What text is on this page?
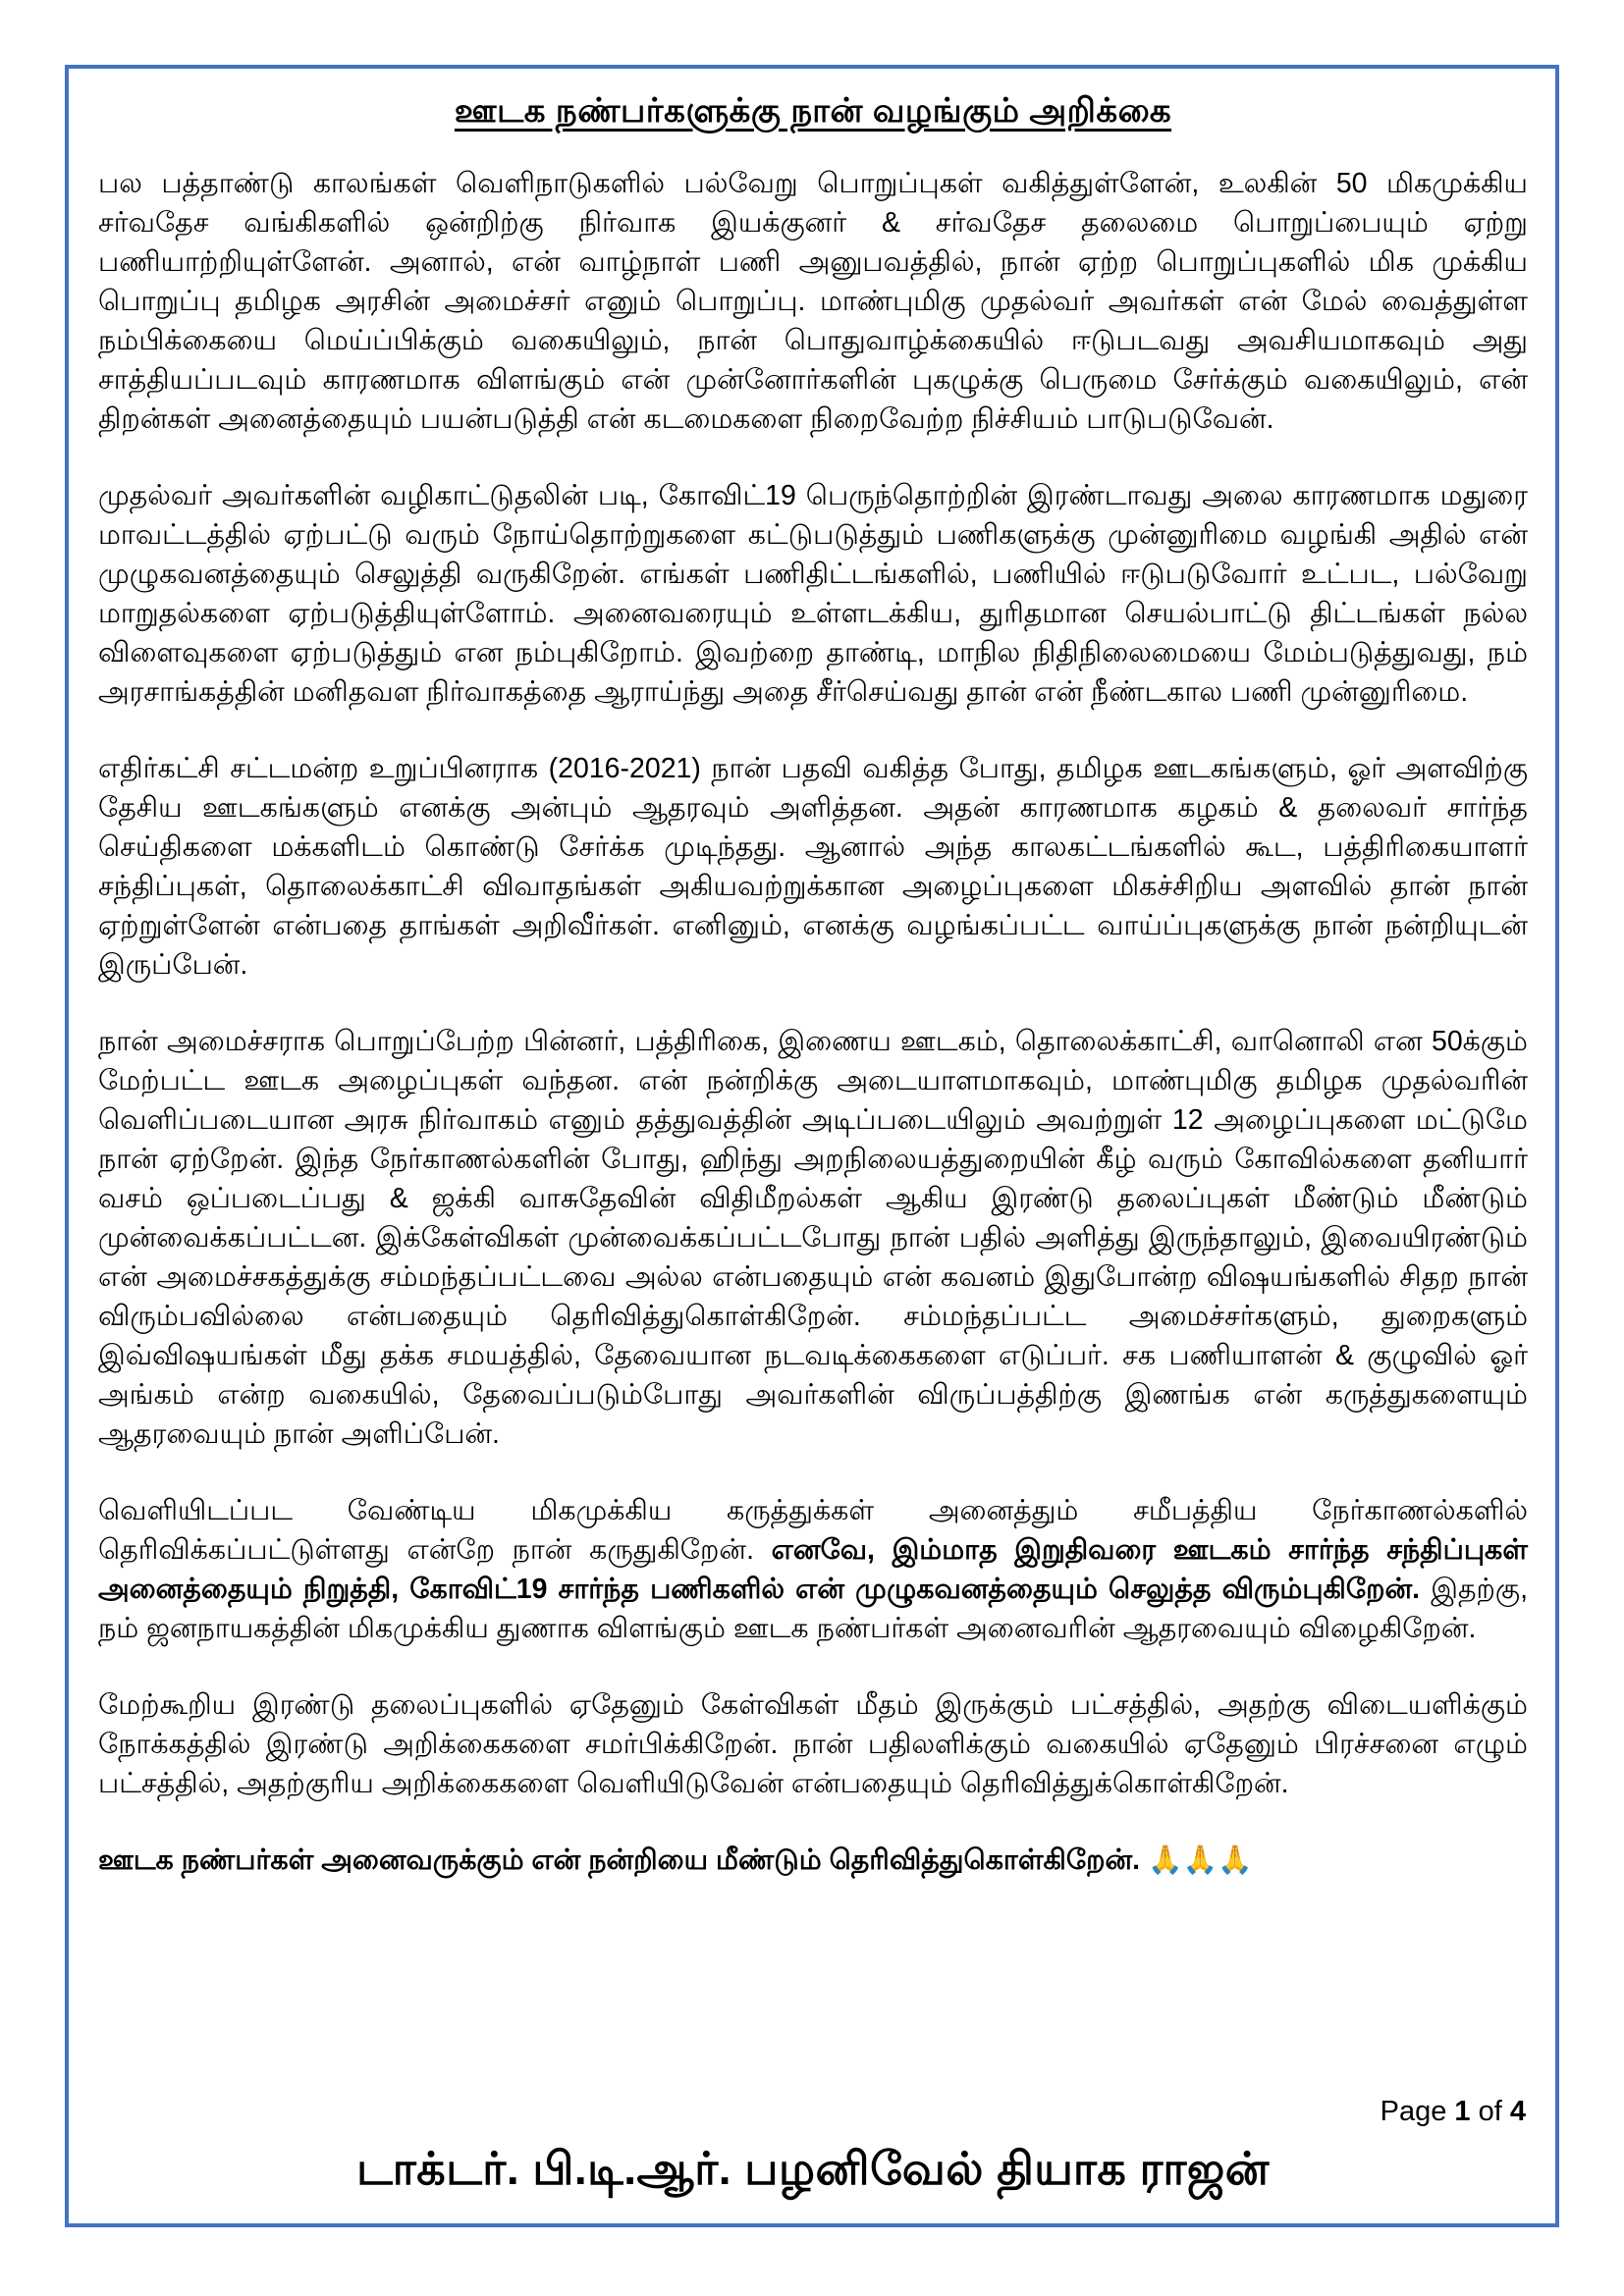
ஊடக நண்பர்களுக்கு நான் வழங்கும் அறிக்கை

பல பத்தாண்டு காலங்கள் வெளிநாடுகளில் பல்வேறு பொறுப்புகள் வகித்துள்ளேன், உலகின் 50 மிகமுக்கிய சர்வதேச வங்கிகளில் ஒன்றிற்கு நிர்வாக இயக்குனர் & சர்வதேச தலைமை பொறுப்பையும் ஏற்று பணியாற்றியுள்ளேன். அனால், என் வாழ்நாள் பணி அனுபவத்தில், நான் ஏற்ற பொறுப்புகளில் மிக முக்கிய பொறுப்பு தமிழக அரசின் அமைச்சர் எனும் பொறுப்பு. மாண்புமிகு முதல்வர் அவர்கள் என் மேல் வைத்துள்ள நம்பிக்கையை மெய்ப்பிக்கும் வகையிலும், நான் பொதுவாழ்க்கையில் ஈடுபடவது அவசியமாகவும் அது சாத்தியப்படவும் காரணமாக விளங்கும் என் முன்னோர்களின் புகழுக்கு பெருமை சேர்க்கும் வகையிலும், என் திறன்கள் அனைத்தையும் பயன்படுத்தி என் கடமைகளை நிறைவேற்ற நிச்சியம் பாடுபடுவேன்.

முதல்வர் அவர்களின் வழிகாட்டுதலின் படி, கோவிட்19 பெருந்தொற்றின் இரண்டாவது அலை காரணமாக மதுரை மாவட்டத்தில் ஏற்பட்டு வரும் நோய்தொற்றுகளை கட்டுபடுத்தும் பணிகளுக்கு முன்னுரிமை வழங்கி அதில் என் முழுகவனத்தையும் செலுத்தி வருகிறேன். எங்கள் பணிதிட்டங்களில், பணியில் ஈடுபடுவோர் உட்பட, பல்வேறு மாறுதல்களை ஏற்படுத்தியுள்ளோம். அனைவரையும் உள்ளடக்கிய, துரிதமான செயல்பாட்டு திட்டங்கள் நல்ல விளைவுகளை ஏற்படுத்தும் என நம்புகிறோம். இவற்றை தாண்டி, மாநில நிதிநிலைமையை மேம்படுத்துவது, நம் அரசாங்கத்தின் மனிதவள நிர்வாகத்தை ஆராய்ந்து அதை சீர்செய்வது தான் என் நீண்டகால பணி முன்னுரிமை.

எதிர்கட்சி சட்டமன்ற உறுப்பினராக (2016-2021) நான் பதவி வகித்த போது, தமிழக ஊடகங்களும், ஓர் அளவிற்கு தேசிய ஊடகங்களும் எனக்கு அன்பும் ஆதரவும் அளித்தன. அதன் காரணமாக கழகம் & தலைவர் சார்ந்த செய்திகளை மக்களிடம் கொண்டு சேர்க்க முடிந்தது. ஆனால் அந்த காலகட்டங்களில் கூட, பத்திரிகையாளர் சந்திப்புகள், தொலைக்காட்சி விவாதங்கள் அகியவற்றுக்கான அழைப்புகளை மிகச்சிறிய அளவில் தான் நான் ஏற்றுள்ளேன் என்பதை தாங்கள் அறிவீர்கள். எனினும், எனக்கு வழங்கப்பட்ட வாய்ப்புகளுக்கு நான் நன்றியுடன் இருப்பேன்.

நான் அமைச்சராக பொறுப்பேற்ற பின்னர், பத்திரிகை, இணைய ஊடகம், தொலைக்காட்சி, வானொலி என 50க்கும் மேற்பட்ட ஊடக அழைப்புகள் வந்தன. என் நன்றிக்கு அடையாளமாகவும், மாண்புமிகு தமிழக முதல்வரின் வெளிப்படையான அரசு நிர்வாகம் எனும் தத்துவத்தின் அடிப்படையிலும் அவற்றுள் 12 அழைப்புகளை மட்டுமே நான் ஏற்றேன். இந்த நேர்காணல்களின் போது, ஹிந்து அறநிலையத்துறையின் கீழ் வரும் கோவில்களை தனியார் வசம் ஒப்படைப்பது & ஜக்கி வாசுதேவின் விதிமீறல்கள் ஆகிய இரண்டு தலைப்புகள் மீண்டும் மீண்டும் முன்வைக்கப்பட்டன. இக்கேள்விகள் முன்வைக்கப்பட்டபோது நான் பதில் அளித்து இருந்தாலும், இவையிரண்டும் என் அமைச்சகத்துக்கு சம்மந்தப்பட்டவை அல்ல என்பதையும் என் கவனம் இதுபோன்ற விஷயங்களில் சிதற நான் விரும்பவில்லை என்பதையும் தெரிவித்துகொள்கிறேன். சம்மந்தப்பட்ட அமைச்சர்களும், துறைகளும் இவ்விஷயங்கள் மீது தக்க சமயத்தில், தேவையான நடவடிக்கைகளை எடுப்பர். சக பணியாளன் & குழுவில் ஓர் அங்கம் என்ற வகையில், தேவைப்படும்போது அவர்களின் விருப்பத்திற்கு இணங்க என் கருத்துகளையும் ஆதரவையும் நான் அளிப்பேன்.

வெளியிடப்பட வேண்டிய மிகமுக்கிய கருத்துக்கள் அனைத்தும் சமீபத்திய நேர்காணல்களில் தெரிவிக்கப்பட்டுள்ளது என்றே நான் கருதுகிறேன். எனவே, இம்மாத இறுதிவரை ஊடகம் சார்ந்த சந்திப்புகள் அனைத்தையும் நிறுத்தி, கோவிட்19 சார்ந்த பணிகளில் என் முழுகவனத்தையும் செலுத்த விரும்புகிறேன். இதற்கு, நம் ஜனநாயகத்தின் மிகமுக்கிய துணாக விளங்கும் ஊடக நண்பர்கள் அனைவரின் ஆதரவையும் விழைகிறேன்.

மேற்கூறிய இரண்டு தலைப்புகளில் ஏதேனும் கேள்விகள் மீதம் இருக்கும் பட்சத்தில், அதற்கு விடையளிக்கும் நோக்கத்தில் இரண்டு அறிக்கைகளை சமர்பிக்கிறேன். நான் பதிலளிக்கும் வகையில் ஏதேனும் பிரச்சனை எழும் பட்சத்தில், அதற்குரிய அறிக்கைகளை வெளியிடுவேன் என்பதையும் தெரிவித்துக்கொள்கிறேன்.

ஊடக நண்பர்கள் அனைவருக்கும் என் நன்றியை மீண்டும் தெரிவித்துகொள்கிறேன். 🙏🙏🙏

Page 1 of 4
டாக்டர். பி.டி.ஆர். பழனிவேல் தியாக ராஜன்
